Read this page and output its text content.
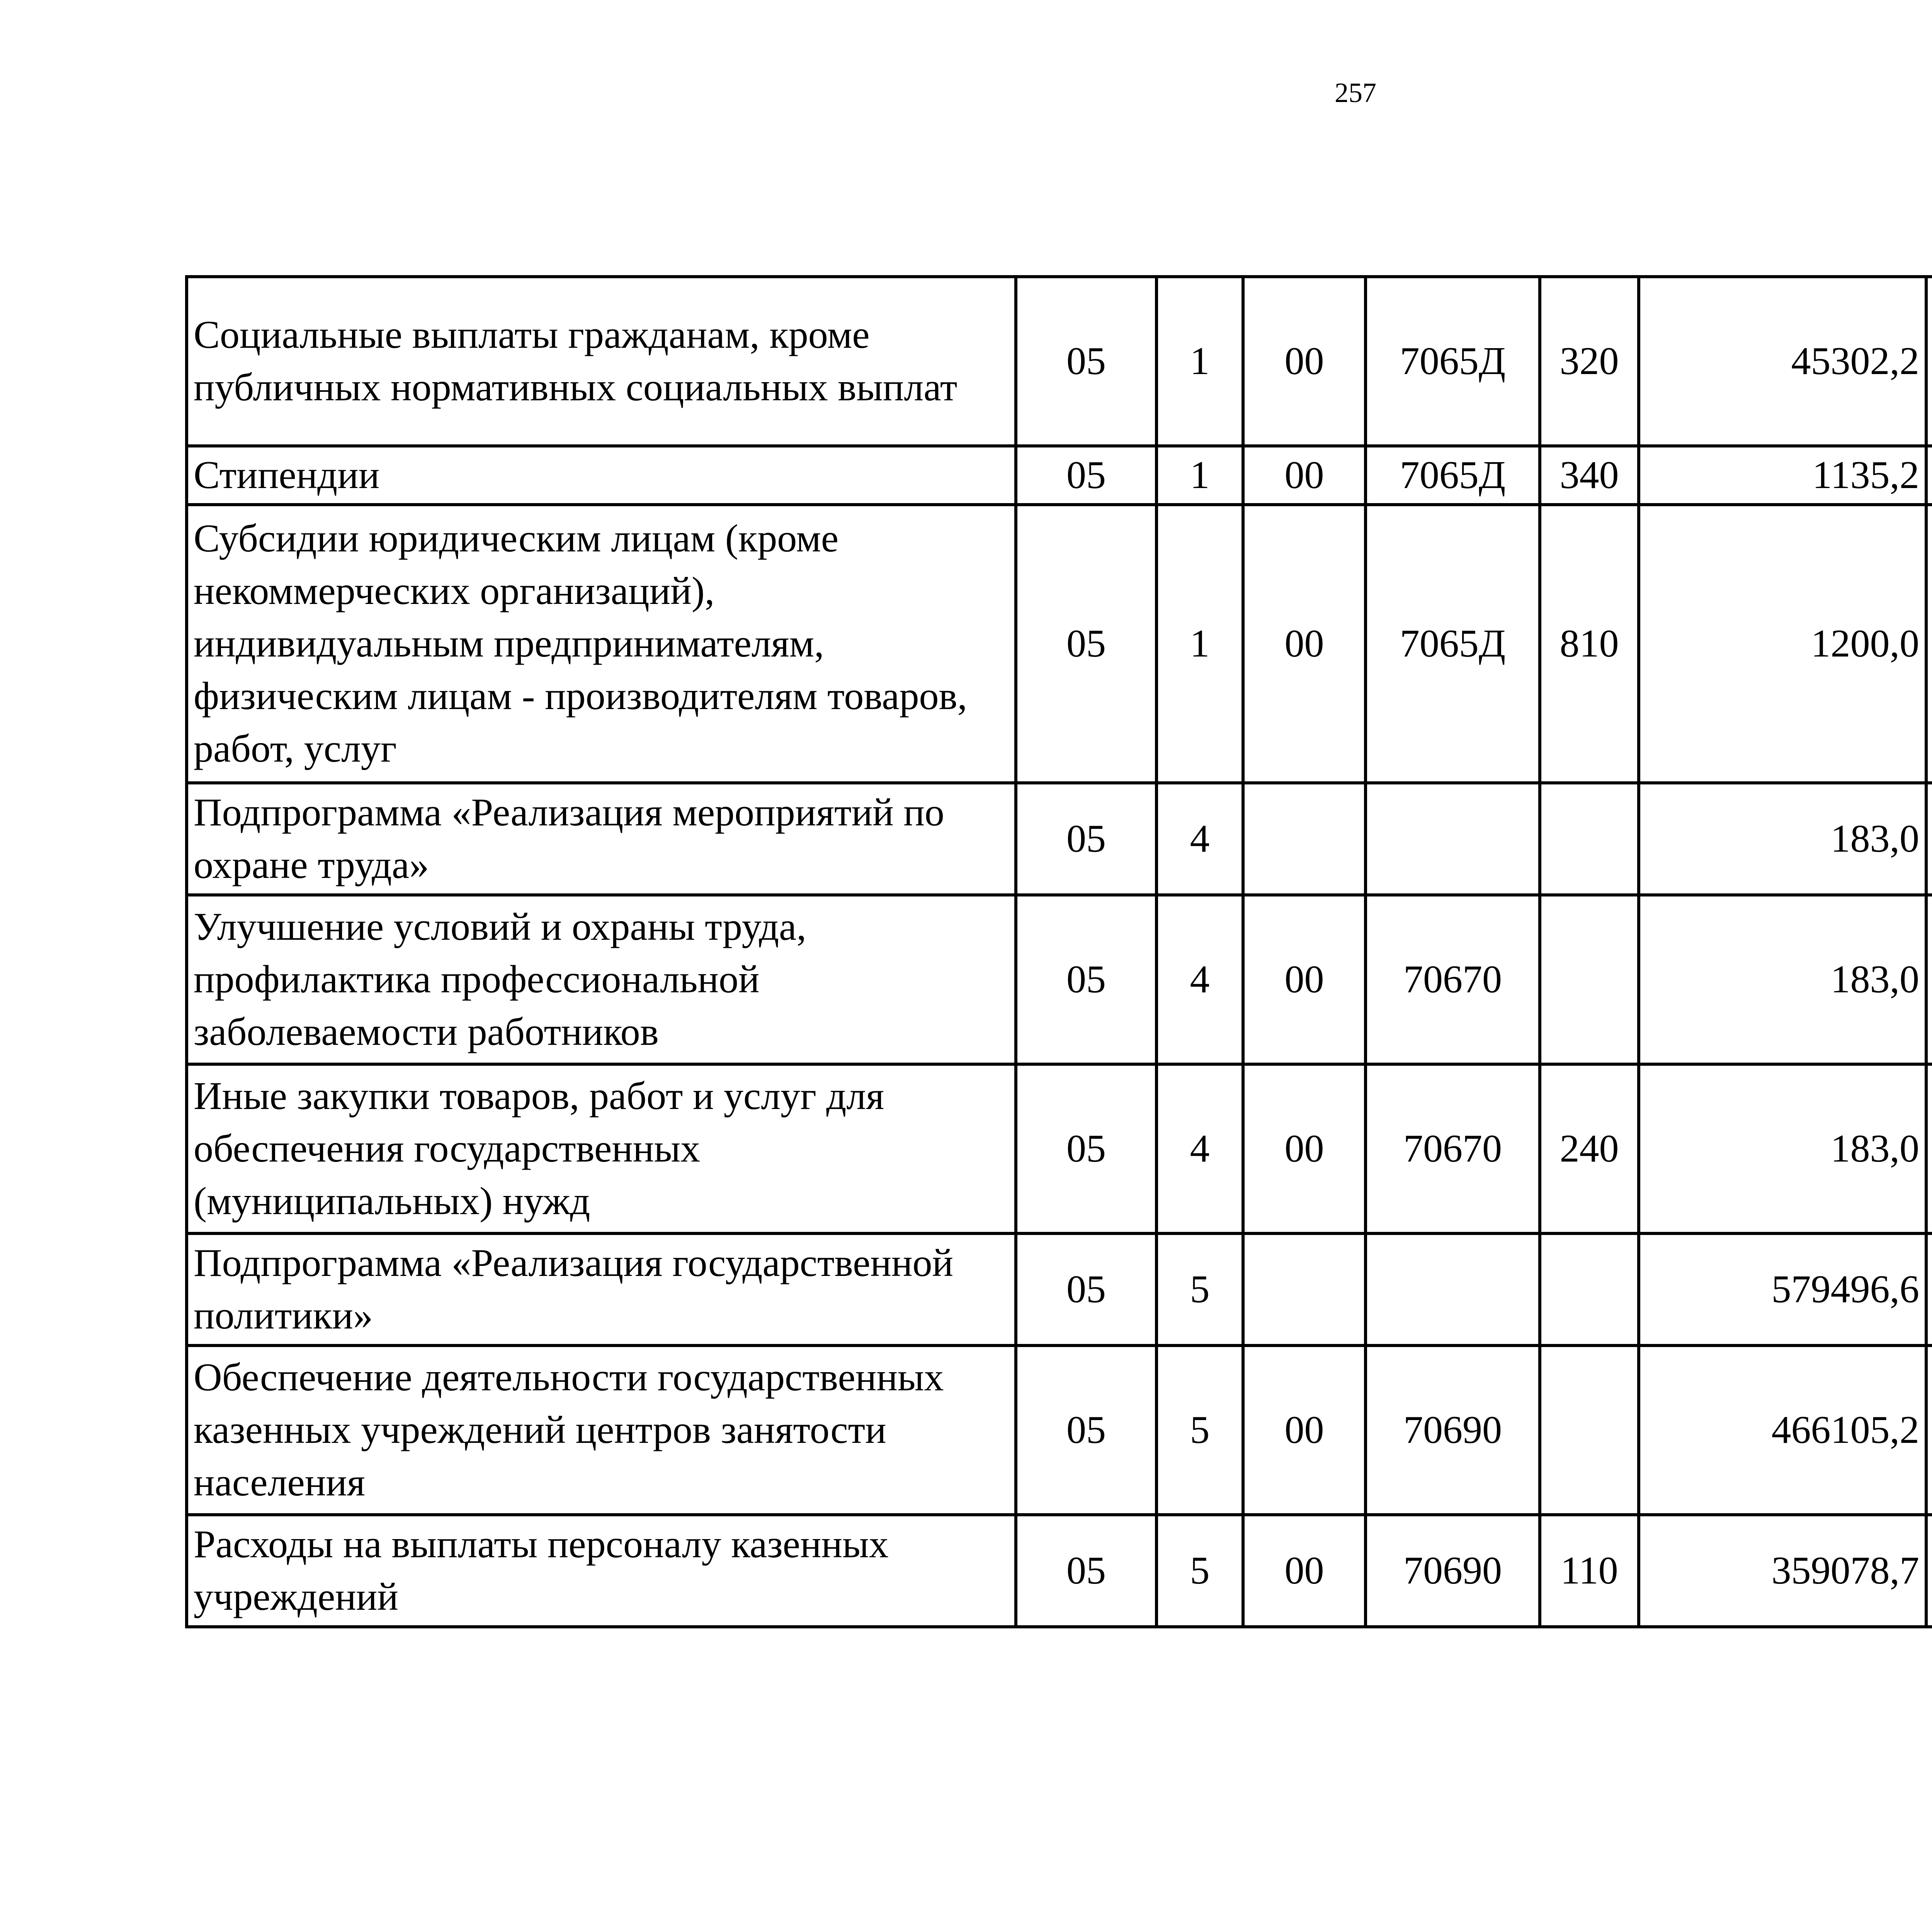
257
Социальные выплаты гражданам, кроме публичных нормативных социальных выплат	05	1	00	7065Д	320	45302,2		
Стипендии	05	1	00	7065Д	340	1135,2		
Субсидии юридическим лицам (кроме некоммерческих организаций), индивидуальным предпринимателям, физическим лицам - производителям товаров, работ, услуг	05	1	00	7065Д	810	1200,0		
Подпрограмма «Реализация мероприятий по охране труда»	05	4				183,0		
Улучшение условий и охраны труда, профилактика профессиональной заболеваемости работников	05	4	00	70670		183,0		
Иные закупки товаров, работ и услуг для обеспечения государственных (муниципальных) нужд	05	4	00	70670	240	183,0		
Подпрограмма «Реализация государственной политики»	05	5				579496,6		
Обеспечение деятельности государственных казенных учреждений центров занятости населения	05	5	00	70690		466105,2		
Расходы на выплаты персоналу казенных учреждений	05	5	00	70690	110	359078,7		
